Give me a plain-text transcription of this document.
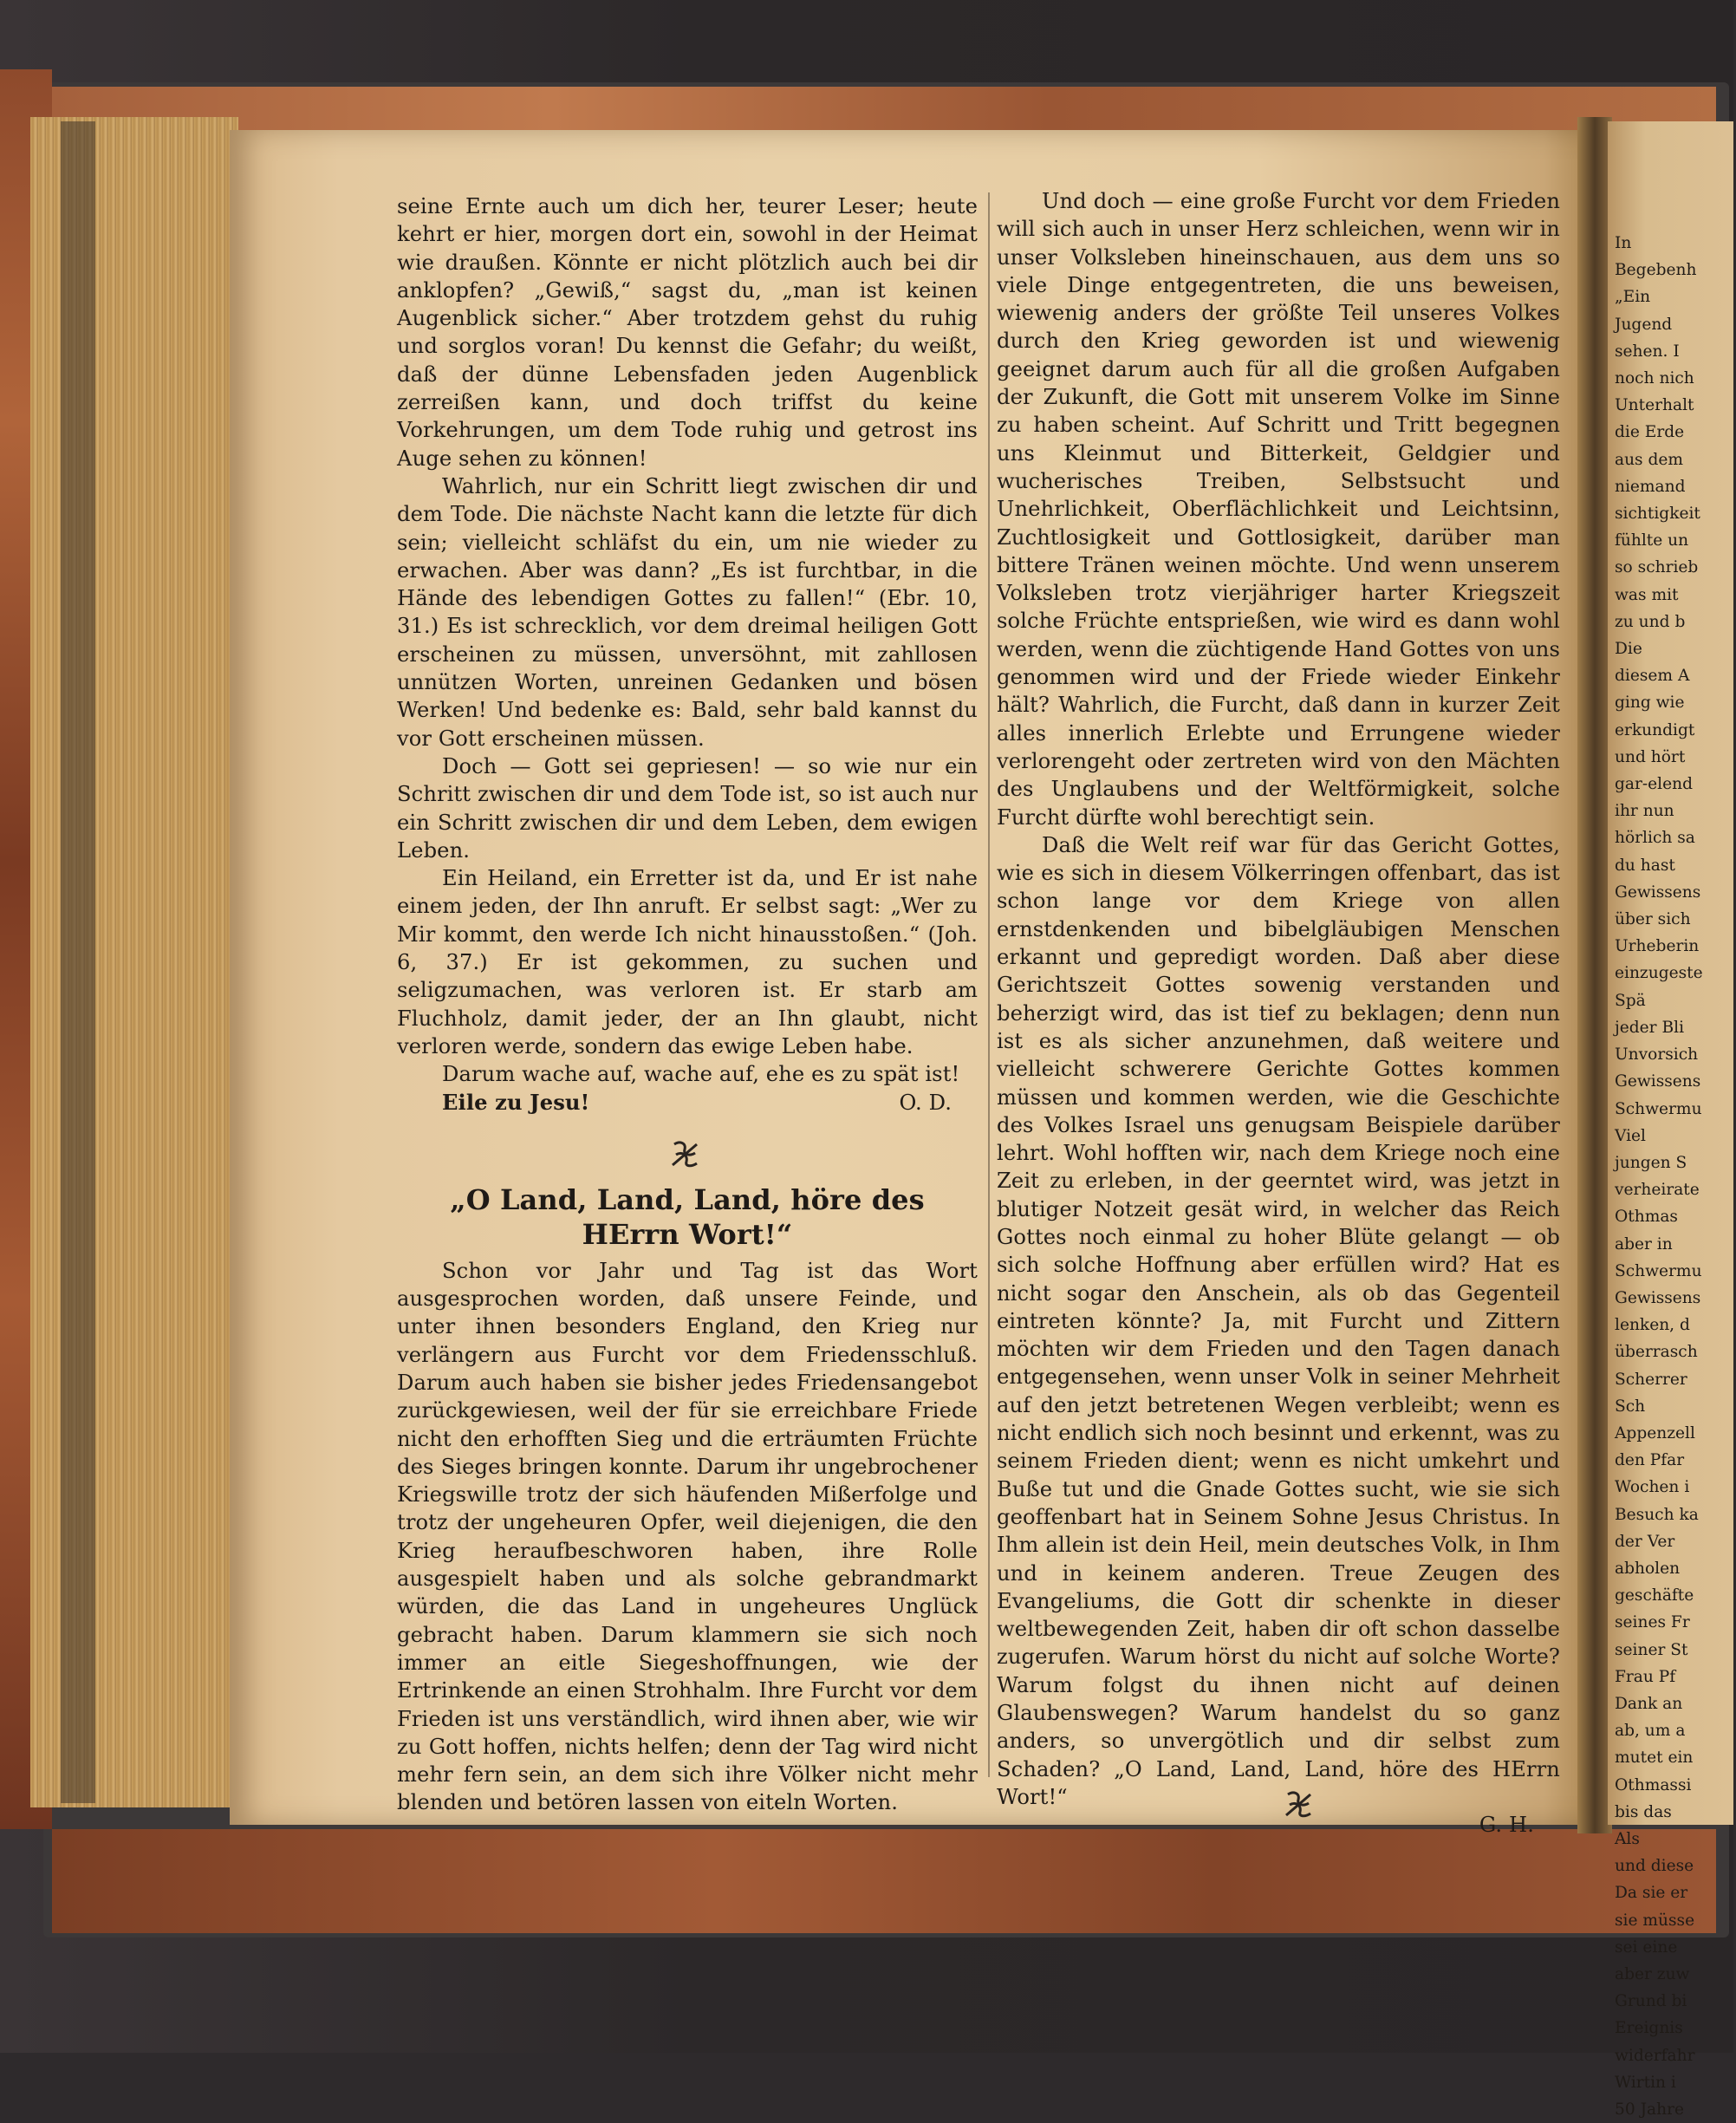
In
Begebenh
„Ein
Jugend
sehen. I
noch nich
Unterhalt
die Erde
aus dem
niemand
sichtigkeit
fühlte un
so schrieb
was mit
zu und b
Die
diesem A
ging wie
erkundigt
und hört
gar-elend
ihr nun
hörlich sa
du hast
Gewissens
über sich
Urheberin
einzugeste
Spä
jeder Bli
Unvorsich
Gewissens
Schwermu
Viel
jungen S
verheirate
Othmas
aber in
Schwermu
Gewissens
lenken, d
überrasch
Scherrer
Sch
Appenzell
den Pfar
Wochen i
Besuch ka
der Ver
abholen
geschäfte
seines Fr
seiner St
Frau Pf
Dank an
ab, um a
mutet ein
Othmassi
bis das
Als
und diese
Da sie er
sie müsse
sei eine
aber zuw
Grund bi
Ereignis
widerfahr
Wirtin i
50 Jahre

seine Ernte auch um dich her, teurer Leser; heute kehrt er hier, morgen dort ein, sowohl in der Heimat wie draußen. Könnte er nicht plötzlich auch bei dir anklopfen? „Gewiß,“ sagst du, „man ist keinen Augenblick sicher.“ Aber trotzdem gehst du ruhig und sorglos voran! Du kennst die Gefahr; du weißt, daß der dünne Lebensfaden jeden Augenblick zerreißen kann, und doch triffst du keine Vorkehrungen, um dem Tode ruhig und getrost ins Auge sehen zu können!

Wahrlich, nur ein Schritt liegt zwischen dir und dem Tode. Die nächste Nacht kann die letzte für dich sein; vielleicht schläfst du ein, um nie wieder zu erwachen. Aber was dann? „Es ist furchtbar, in die Hände des lebendigen Gottes zu fallen!“ (Ebr. 10, 31.) Es ist schrecklich, vor dem dreimal heiligen Gott erscheinen zu müssen, unversöhnt, mit zahllosen unnützen Worten, unreinen Gedanken und bösen Werken! Und bedenke es: Bald, sehr bald kannst du vor Gott erscheinen müssen.

Doch — Gott sei gepriesen! — so wie nur ein Schritt zwischen dir und dem Tode ist, so ist auch nur ein Schritt zwischen dir und dem Leben, dem ewigen Leben.

Ein Heiland, ein Erretter ist da, und Er ist nahe einem jeden, der Ihn anruft. Er selbst sagt: „Wer zu Mir kommt, den werde Ich nicht hinausstoßen.“ (Joh. 6, 37.) Er ist gekommen, zu suchen und seligzumachen, was verloren ist. Er starb am Fluchholz, damit jeder, der an Ihn glaubt, nicht verloren werde, sondern das ewige Leben habe.

Darum wache auf, wache auf, ehe es zu spät ist!

Eile zu Jesu!	O. D.

„O Land, Land, Land, höre des HErrn Wort!“

Schon vor Jahr und Tag ist das Wort ausgesprochen worden, daß unsere Feinde, und unter ihnen besonders England, den Krieg nur verlängern aus Furcht vor dem Friedensschluß. Darum auch haben sie bisher jedes Friedensangebot zurückgewiesen, weil der für sie erreichbare Friede nicht den erhofften Sieg und die erträumten Früchte des Sieges bringen konnte. Darum ihr ungebrochener Kriegswille trotz der sich häufenden Mißerfolge und trotz der ungeheuren Opfer, weil diejenigen, die den Krieg heraufbeschworen haben, ihre Rolle ausgespielt haben und als solche gebrandmarkt würden, die das Land in ungeheures Unglück gebracht haben. Darum klammern sie sich noch immer an eitle Siegeshoffnungen, wie der Ertrinkende an einen Strohhalm. Ihre Furcht vor dem Frieden ist uns verständlich, wird ihnen aber, wie wir zu Gott hoffen, nichts helfen; denn der Tag wird nicht mehr fern sein, an dem sich ihre Völker nicht mehr blenden und betören lassen von eiteln Worten.

Und doch — eine große Furcht vor dem Frieden will sich auch in unser Herz schleichen, wenn wir in unser Volksleben hineinschauen, aus dem uns so viele Dinge entgegentreten, die uns beweisen, wiewenig anders der größte Teil unseres Volkes durch den Krieg geworden ist und wiewenig geeignet darum auch für all die großen Aufgaben der Zukunft, die Gott mit unserem Volke im Sinne zu haben scheint. Auf Schritt und Tritt begegnen uns Kleinmut und Bitterkeit, Geldgier und wucherisches Treiben, Selbstsucht und Unehrlichkeit, Oberflächlichkeit und Leichtsinn, Zuchtlosigkeit und Gottlosigkeit, darüber man bittere Tränen weinen möchte. Und wenn unserem Volksleben trotz vierjähriger harter Kriegszeit solche Früchte entsprießen, wie wird es dann wohl werden, wenn die züchtigende Hand Gottes von uns genommen wird und der Friede wieder Einkehr hält? Wahrlich, die Furcht, daß dann in kurzer Zeit alles innerlich Erlebte und Errungene wieder verlorengeht oder zertreten wird von den Mächten des Unglaubens und der Weltförmigkeit, solche Furcht dürfte wohl berechtigt sein.

Daß die Welt reif war für das Gericht Gottes, wie es sich in diesem Völkerringen offenbart, das ist schon lange vor dem Kriege von allen ernstdenkenden und bibelgläubigen Menschen erkannt und gepredigt worden. Daß aber diese Gerichtszeit Gottes sowenig verstanden und beherzigt wird, das ist tief zu beklagen; denn nun ist es als sicher anzunehmen, daß weitere und vielleicht schwerere Gerichte Gottes kommen müssen und kommen werden, wie die Geschichte des Volkes Israel uns genugsam Beispiele darüber lehrt. Wohl hofften wir, nach dem Kriege noch eine Zeit zu erleben, in der geerntet wird, was jetzt in blutiger Notzeit gesät wird, in welcher das Reich Gottes noch einmal zu hoher Blüte gelangt — ob sich solche Hoffnung aber erfüllen wird? Hat es nicht sogar den Anschein, als ob das Gegenteil eintreten könnte? Ja, mit Furcht und Zittern möchten wir dem Frieden und den Tagen danach entgegensehen, wenn unser Volk in seiner Mehrheit auf den jetzt betretenen Wegen verbleibt; wenn es nicht endlich sich noch besinnt und erkennt, was zu seinem Frieden dient; wenn es nicht umkehrt und Buße tut und die Gnade Gottes sucht, wie sie sich geoffenbart hat in Seinem Sohne Jesus Christus. In Ihm allein ist dein Heil, mein deutsches Volk, in Ihm und in keinem anderen. Treue Zeugen des Evangeliums, die Gott dir schenkte in dieser weltbewegenden Zeit, haben dir oft schon dasselbe zugerufen. Warum hörst du nicht auf solche Worte? Warum folgst du ihnen nicht auf deinen Glaubenswegen? Warum handelst du so ganz anders, so unvergötlich und dir selbst zum Schaden? „O Land, Land, Land, höre des HErrn Wort!“

G. H.
